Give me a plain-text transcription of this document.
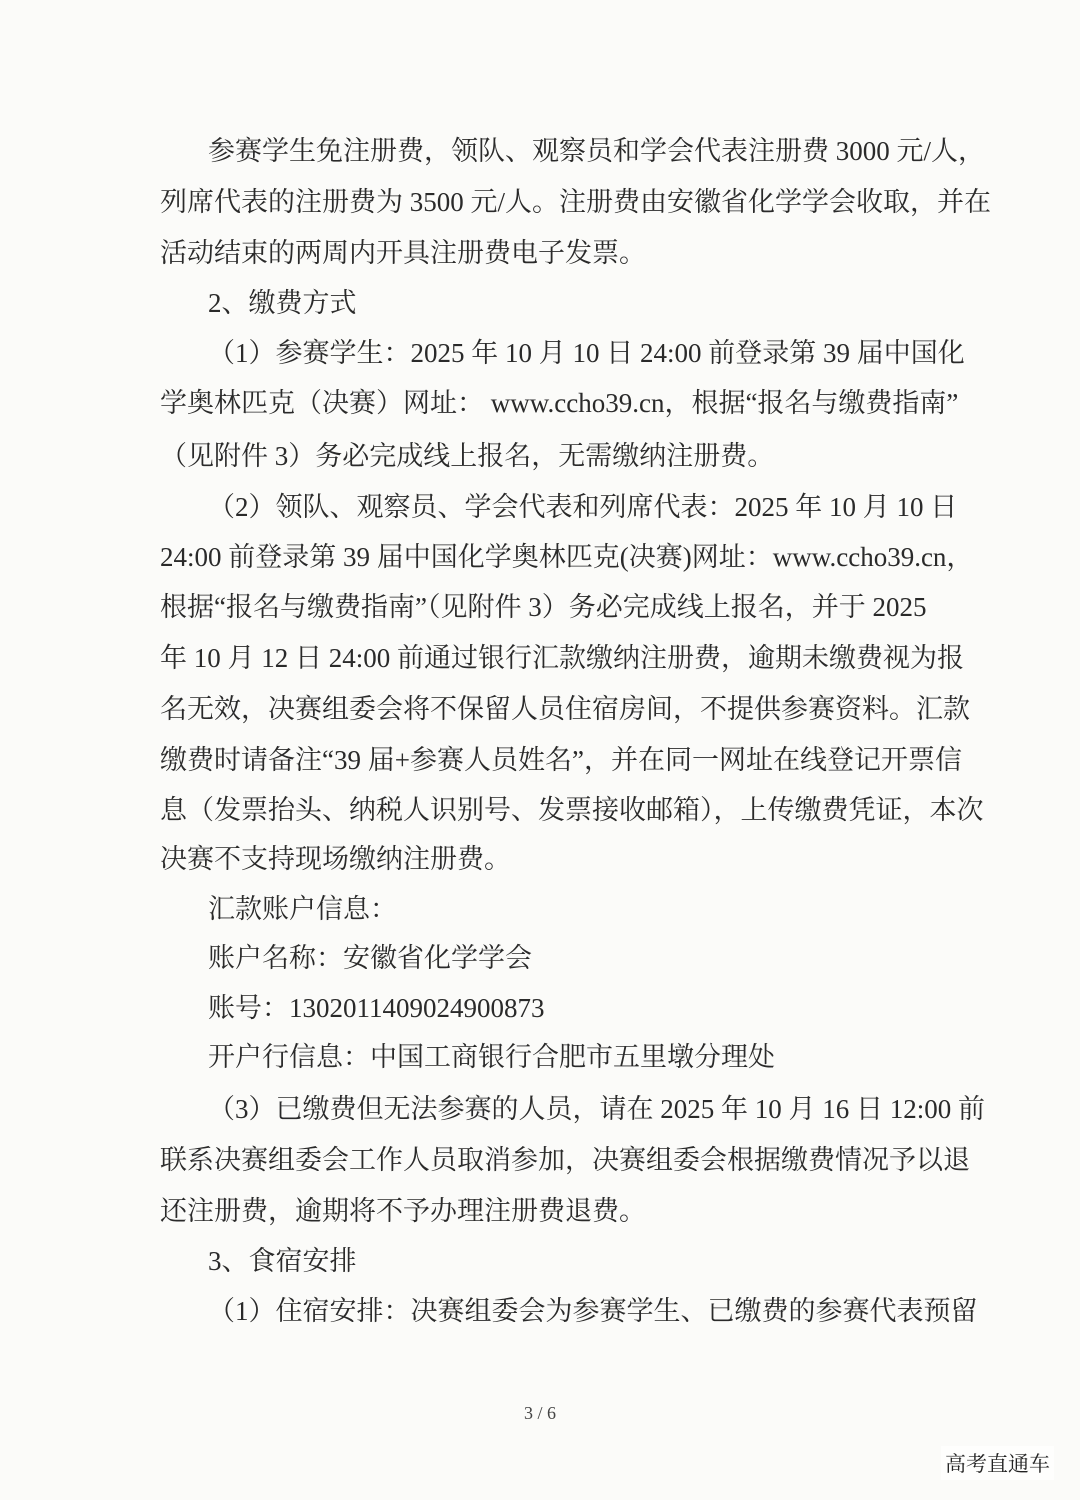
参赛学生免注册费，领队、观察员和学会代表注册费 3000 元/人，
列席代表的注册费为 3500 元/人。注册费由安徽省化学学会收取，并在
活动结束的两周内开具注册费电子发票。
2、缴费方式
（1）参赛学生：2025 年 10 月 10 日 24:00 前登录第 39 届中国化
学奥林匹克（决赛）网址： www.ccho39.cn，根据“报名与缴费指南”
（见附件 3）务必完成线上报名，无需缴纳注册费。
（2）领队、观察员、学会代表和列席代表：2025 年 10 月 10 日
24:00 前登录第 39 届中国化学奥林匹克(决赛)网址：www.ccho39.cn，
根据“报名与缴费指南”（见附件 3）务必完成线上报名，并于 2025
年 10 月 12 日 24:00 前通过银行汇款缴纳注册费，逾期未缴费视为报
名无效，决赛组委会将不保留人员住宿房间，不提供参赛资料。汇款
缴费时请备注“39 届+参赛人员姓名”，并在同一网址在线登记开票信
息（发票抬头、纳税人识别号、发票接收邮箱），上传缴费凭证，本次
决赛不支持现场缴纳注册费。
汇款账户信息：
账户名称：安徽省化学学会
账号：1302011409024900873
开户行信息：中国工商银行合肥市五里墩分理处
（3）已缴费但无法参赛的人员，请在 2025 年 10 月 16 日 12:00 前
联系决赛组委会工作人员取消参加，决赛组委会根据缴费情况予以退
还注册费，逾期将不予办理注册费退费。
3、食宿安排
（1）住宿安排：决赛组委会为参赛学生、已缴费的参赛代表预留
3 / 6
高考直通车
